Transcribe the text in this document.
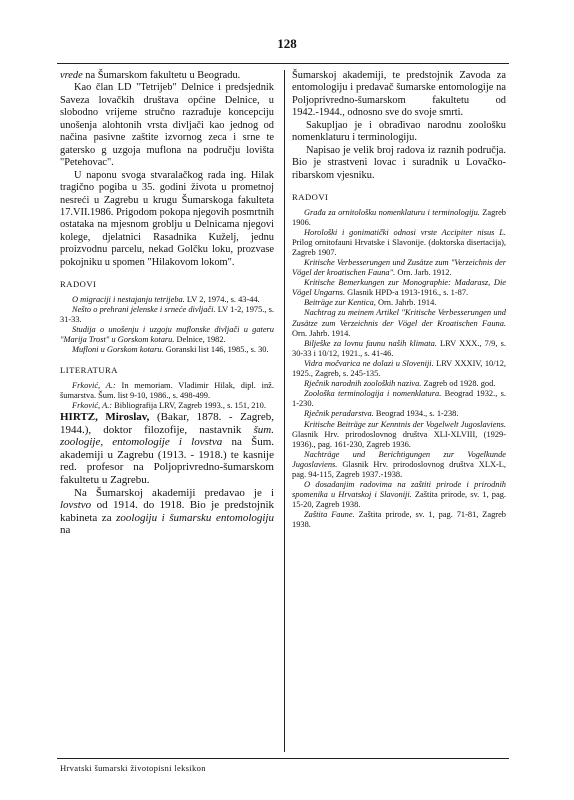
128

vrede na Šumarskom fakultetu u Beogradu.

Kao član LD "Tetrijeb" Delnice i predsjednik Saveza lovačkih društava općine Delnice, u slobodno vrijeme stručno razrađuje koncepciju unošenja alohtonih vrsta divljači kao jednog od načina pasivne zaštite izvornog zeca i srne te gatersko g uzgoja muflona na području lovišta "Petehovac".

U naponu svoga stvaralačkog rada ing. Hilak tragično pogiba u 35. godini života u prometnoj nesreći u Zagrebu u krugu Šumarskoga fakulteta 17.VII.1986. Prigodom pokopa njegovih posmrtnih ostataka na mjesnom groblju u Delnicama njegovi kolege, djelatnici Rasadnika Kuželj, jednu proizvodnu parcelu, nekad Golčku loku, prozvase pokojniku u spomen "Hilakovom lokom".

RADOVI

O migraciji i nestajanju tetrijeba. LV 2, 1974., s. 43-44.

Nešto o prehrani jelenske i srneće divljači. LV 1-2, 1975., s. 31-33.

Studija o unošenju i uzgoju muflonske divljači u gateru "Marija Trost" u Gorskom kotaru. Delnice, 1982.

Mufloni u Gorskom kotaru. Goranski list 146, 1985., s. 30.

LITERATURA

Frković, A.: In memoriam. Vladimir Hilak, dipl. inž. šumarstva. Šum. list 9-10, 1986., s. 498-499.

Frković, A.: Bibliografija LRV, Zagreb 1993., s. 151, 210.

HIRTZ, Miroslav, (Bakar, 1878. - Zagreb, 1944.), doktor filozofije, nastavnik šum. zoologije, entomologije i lovstva na Šum. akademiji u Zagrebu (1913. - 1918.) te kasnije red. profesor na Poljoprivredno-šumarskom fakultetu u Zagrebu.

Na Šumarskoj akademiji predavao je i lovstvo od 1914. do 1918. Bio je predstojnik kabineta za zoologiju i šumarsku entomologiju na

Šumarskoj akademiji, te predstojnik Zavoda za entomologiju i predavač šumarske entomologije na Poljoprivredno-šumarskom fakultetu od 1942.-1944., odnosno sve do svoje smrti.

Sakupljao je i obrađivao narodnu zoološku nomenklaturu i terminologiju.

Napisao je velik broj radova iz raznih područja. Bio je strastveni lovac i suradnik u Lovačko-ribarskom vjesniku.

RADOVI

Građa za ornitološku nomenklaturu i terminologiju. Zagreb 1906.

Horološki i gonimatički odnosi vrste Accipiter nisus L. Prilog ornitofauni Hrvatske i Slavonije. (doktorska disertacija), Zagreb 1907.

Kritische Verbesserungen und Zusätze zum "Verzeichnis der Vögel der kroatischen Fauna". Orn. Jarb. 1912.

Kritische Bemerkungen zur Monographie: Madarasz, Die Vögel Ungarns. Glasnik HPD-a 1913-1916., s. 1-87.

Beiträge zur Kentica, Orn. Jahrb. 1914.

Nachtrag zu meinem Artikel "Kritische Verbesserungen und Zusätze zum Verzeichnis der Vögel der Kroatischen Fauna. Orn. Jahrb. 1914.

Bilješke za lovnu faunu naših klimata. LRV XXX., 7/9, s. 30-33 i 10/12, 1921., s. 41-46.

Vidra močvarica ne dolazi u Sloveniji. LRV XXXIV, 10/12, 1925., Zagreb, s. 245-135.

Rječnik narodnih zooloških naziva. Zagreb od 1928. god.

Zoološka terminologija i nomenklatura. Beograd 1932., s. 1-230.

Rječnik peradarstva. Beograd 1934., s. 1-238.

Kritische Beiträge zur Kenntnis der Vogelwelt Jugoslaviens. Glasnik Hrv. prirodoslovnog društva XLI-XLVIII, (1929-1936)., pag. 161-230, Zagreb 1936.

Nachträge und Berichtigungen zur Vogelkunde Jugoslaviens. Glasnik Hrv. prirodoslovnog društva XLX-L, pag. 94-115, Zagreb 1937.-1938.

O dosadanjim radovima na zaštiti prirode i prirodnih spomenika u Hrvatskoj i Slavoniji. Zaštita prirode, sv. 1, pag. 15-20, Zagreb 1938.

Zaštita Faune. Zaštita prirode, sv. 1, pag. 71-81, Zagreb 1938.

Hrvatski šumarski životopisni leksikon
